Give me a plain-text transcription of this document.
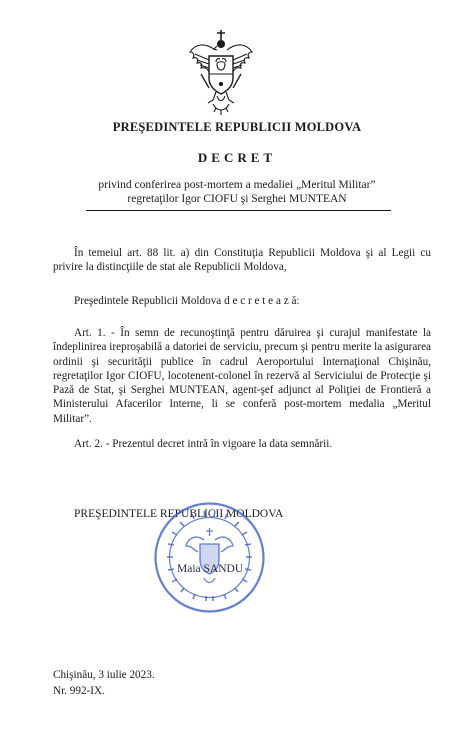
PREŞEDINTELE REPUBLICII MOLDOVA
DECRET
privind conferirea post-mortem a medaliei „Meritul Militar”
regretaţilor Igor CIOFU şi Serghei MUNTEAN

În temeiul art. 88 lit. a) din Constituţia Republicii Moldova şi al Legii cu privire la distincţiile de stat ale Republicii Moldova,

Preşedintele Republicii Moldova d e c r e t e a z ă:

Art. 1. - În semn de recunoştinţă pentru dăruirea şi curajul manifestate la îndeplinirea ireproşabilă a datoriei de serviciu, precum şi pentru merite la asigurarea ordinii şi securităţii publice în cadrul Aeroportului Internaţional Chişinău, regretaţilor Igor CIOFU, locotenent-colonel în rezervă al Serviciului de Protecţie şi Pază de Stat, şi Serghei MUNTEAN, agent-şef adjunct al Poliţiei de Frontieră a Ministerului Afacerilor Interne, li se conferă post-mortem medalia „Meritul Militar”.

Art. 2. - Prezentul decret intră în vigoare la data semnării.

PREŞEDINTELE REPUBLICII MOLDOVA
Maia SANDU
Chişinău, 3 iulie 2023.
Nr. 992-IX.
